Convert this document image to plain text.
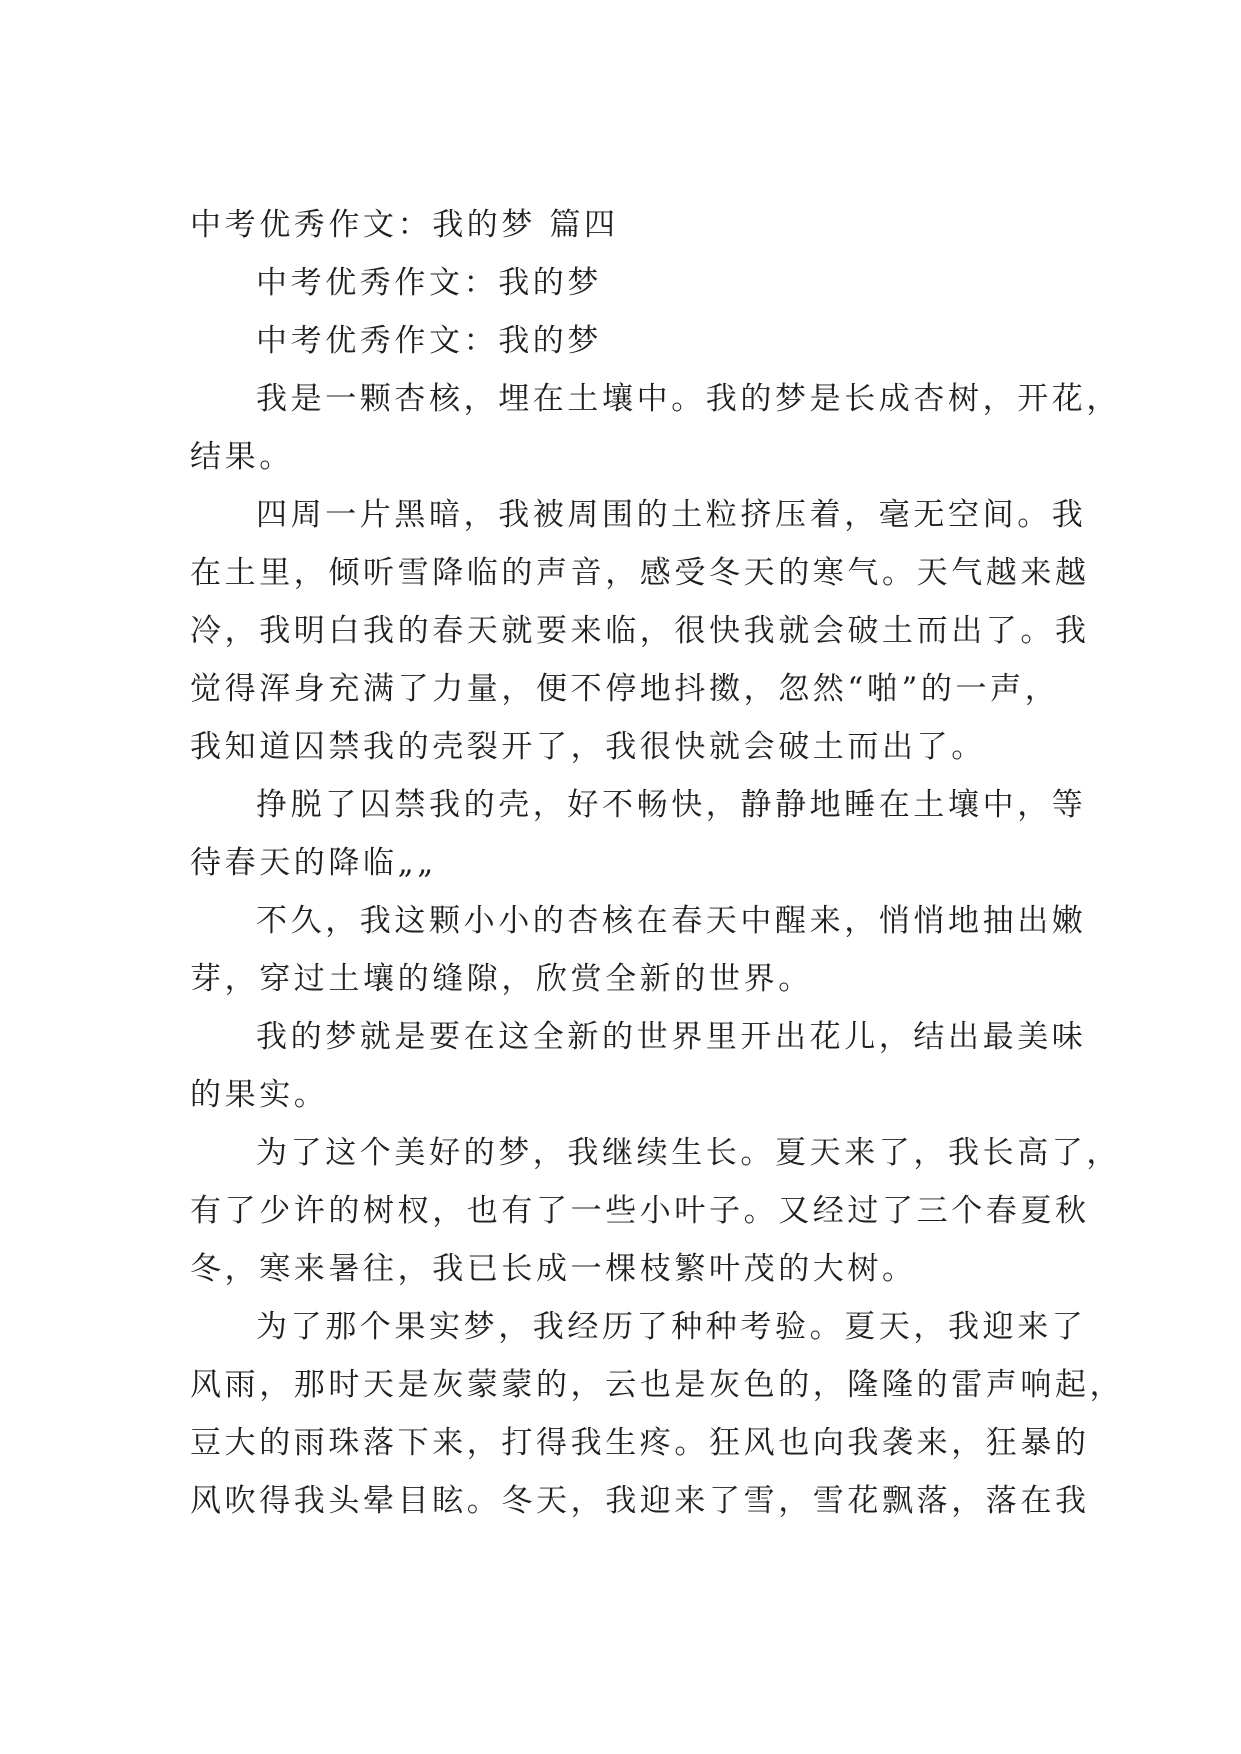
中考优秀作文：我的梦 篇四
中考优秀作文：我的梦
中考优秀作文：我的梦
我是一颗杏核，埋在土壤中。我的梦是长成杏树，开花，
结果。
四周一片黑暗，我被周围的土粒挤压着，毫无空间。我
在土里，倾听雪降临的声音，感受冬天的寒气。天气越来越
冷，我明白我的春天就要来临，很快我就会破土而出了。我
觉得浑身充满了力量，便不停地抖擞，忽然“啪”的一声，
我知道囚禁我的壳裂开了，我很快就会破土而出了。
挣脱了囚禁我的壳，好不畅快，静静地睡在土壤中，等
待春天的降临„„
不久，我这颗小小的杏核在春天中醒来，悄悄地抽出嫩
芽，穿过土壤的缝隙，欣赏全新的世界。
我的梦就是要在这全新的世界里开出花儿，结出最美味
的果实。
为了这个美好的梦，我继续生长。夏天来了，我长高了，
有了少许的树杈，也有了一些小叶子。又经过了三个春夏秋
冬，寒来暑往，我已长成一棵枝繁叶茂的大树。
为了那个果实梦，我经历了种种考验。夏天，我迎来了
风雨，那时天是灰蒙蒙的，云也是灰色的，隆隆的雷声响起，
豆大的雨珠落下来，打得我生疼。狂风也向我袭来，狂暴的
风吹得我头晕目眩。冬天，我迎来了雪，雪花飘落，落在我
